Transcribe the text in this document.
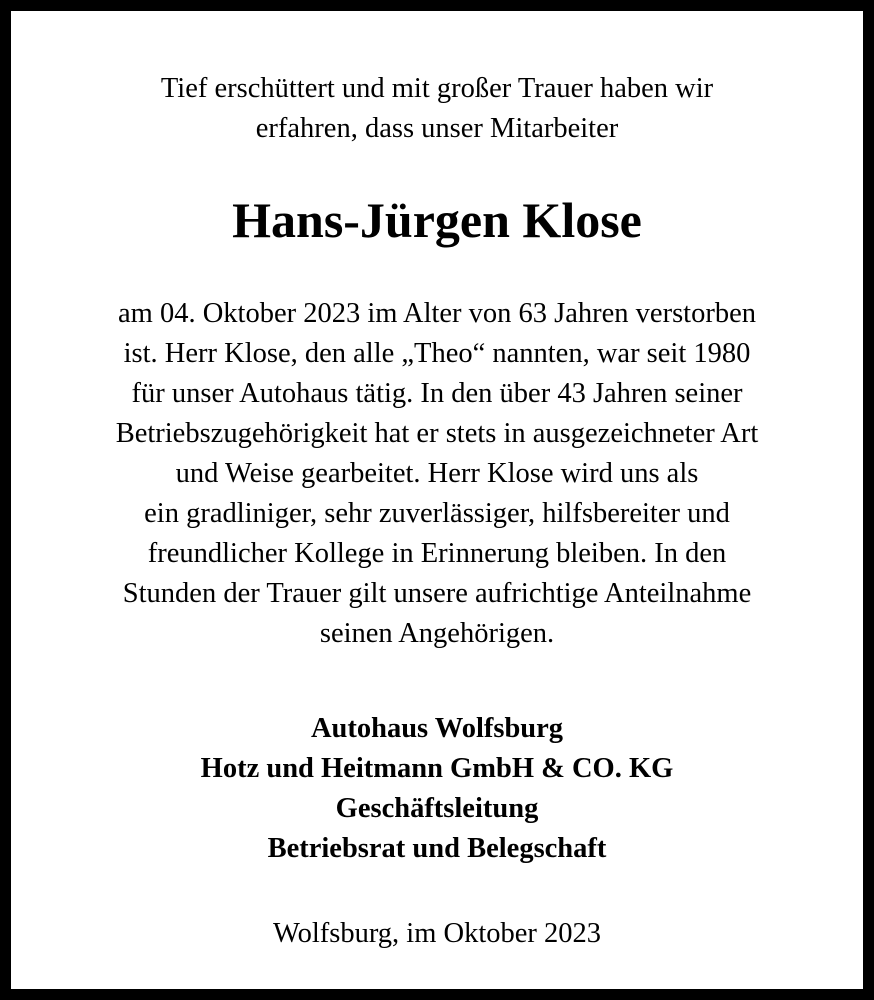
Tief erschüttert und mit großer Trauer haben wir
erfahren, dass unser Mitarbeiter
Hans-Jürgen Klose
am 04. Oktober 2023 im Alter von 63 Jahren verstorben
ist. Herr Klose, den alle „Theo“ nannten, war seit 1980
für unser Autohaus tätig. In den über 43 Jahren seiner
Betriebszugehörigkeit hat er stets in ausgezeichneter Art
und Weise gearbeitet. Herr Klose wird uns als
ein gradliniger, sehr zuverlässiger, hilfsbereiter und
freundlicher Kollege in Erinnerung bleiben. In den
Stunden der Trauer gilt unsere aufrichtige Anteilnahme
seinen Angehörigen.
Autohaus Wolfsburg
Hotz und Heitmann GmbH & CO. KG
Geschäftsleitung
Betriebsrat und Belegschaft
Wolfsburg, im Oktober 2023
